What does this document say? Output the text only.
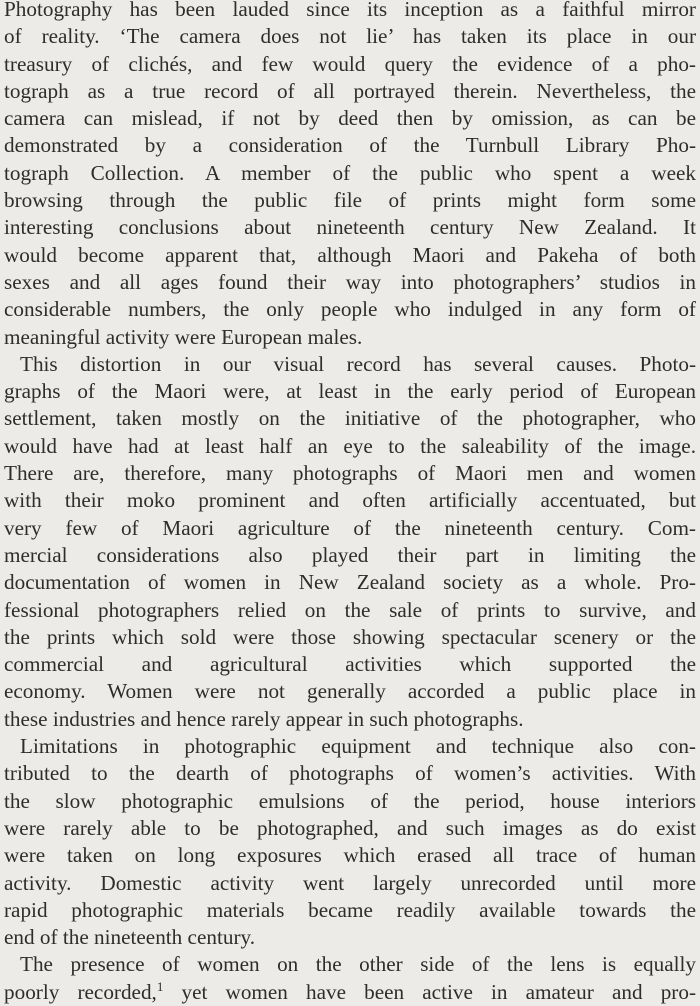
Photography has been lauded since its inception as a faithful mirror
of reality. ‘The camera does not lie’ has taken its place in our
treasury of clichés, and few would query the evidence of a pho-
tograph as a true record of all portrayed therein. Nevertheless, the
camera can mislead, if not by deed then by omission, as can be
demonstrated by a consideration of the Turnbull Library Pho-
tograph Collection. A member of the public who spent a week
browsing through the public file of prints might form some
interesting conclusions about nineteenth century New Zealand. It
would become apparent that, although Maori and Pakeha of both
sexes and all ages found their way into photographers’ studios in
considerable numbers, the only people who indulged in any form of
meaningful activity were European males.
This distortion in our visual record has several causes. Photo-
graphs of the Maori were, at least in the early period of European
settlement, taken mostly on the initiative of the photographer, who
would have had at least half an eye to the saleability of the image.
There are, therefore, many photographs of Maori men and women
with their moko prominent and often artificially accentuated, but
very few of Maori agriculture of the nineteenth century. Com-
mercial considerations also played their part in limiting the
documentation of women in New Zealand society as a whole. Pro-
fessional photographers relied on the sale of prints to survive, and
the prints which sold were those showing spectacular scenery or the
commercial and agricultural activities which supported the
economy. Women were not generally accorded a public place in
these industries and hence rarely appear in such photographs.
Limitations in photographic equipment and technique also con-
tributed to the dearth of photographs of women’s activities. With
the slow photographic emulsions of the period, house interiors
were rarely able to be photographed, and such images as do exist
were taken on long exposures which erased all trace of human
activity. Domestic activity went largely unrecorded until more
rapid photographic materials became readily available towards the
end of the nineteenth century.
The presence of women on the other side of the lens is equally
poorly recorded,$^1$ yet women have been active in amateur and pro-
